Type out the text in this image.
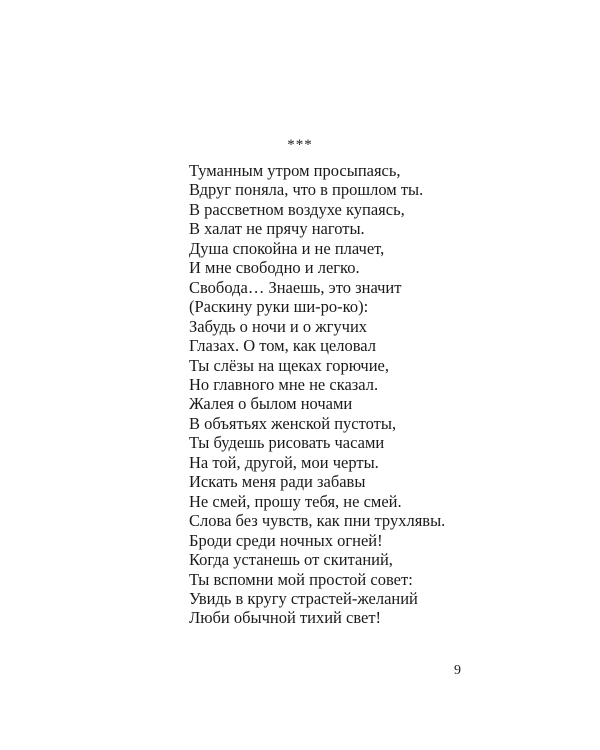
***
Туманным утром просыпаясь,
Вдруг поняла, что в прошлом ты.
В рассветном воздухе купаясь,
В халат не прячу наготы.
Душа спокойна и не плачет,
И мне свободно и легко.
Свобода… Знаешь, это значит
(Раскину руки ши-ро-ко):
Забудь о ночи и о жгучих
Глазах. О том, как целовал
Ты слёзы на щеках горючие,
Но главного мне не сказал.
Жалея о былом ночами
В объятьях женской пустоты,
Ты будешь рисовать часами
На той, другой, мои черты.
Искать меня ради забавы
Не смей, прошу тебя, не смей.
Слова без чувств, как пни трухлявы.
Броди среди ночных огней!
Когда устанешь от скитаний,
Ты вспомни мой простой совет:
Увидь в кругу страстей-желаний
Люби обычной тихий свет!
9
